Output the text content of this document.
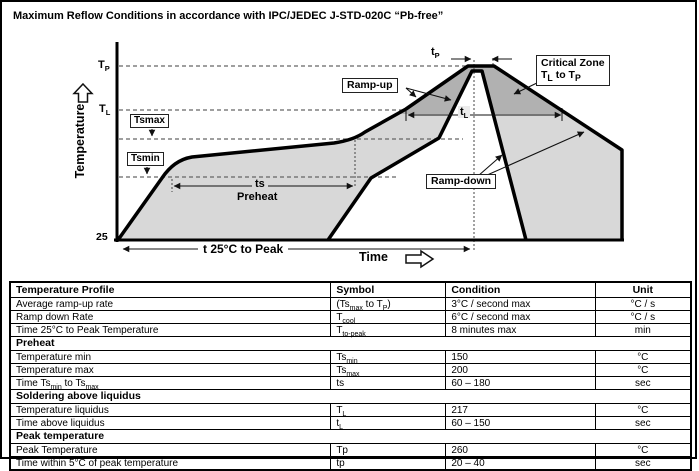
Maximum Reflow Conditions in accordance with IPC/JEDEC J-STD-020C “Pb-free”
Temperature
$T_P$
$T_L$
25
Tsmax
Tsmin
Ramp-up
Ramp-down
Critical Zone
$T_L$ to $T_P$
$t_P$
$t_L$
ts
Preheat
t 25°C to Peak
Time
Temperature Profile	Symbol	Condition	Unit
Average ramp-up rate	($Ts_{max}$ to $T_P$)	3°C / second max	°C / s
Ramp down Rate	$T_{cool}$	6°C / second max	°C / s
Time 25°C to Peak Temperature	$T_{to-peak}$	8 minutes max	min
Preheat			
Temperature min	$Ts_{min}$	150	°C
Temperature max	$Ts_{max}$	200	°C
Time $Ts_{min}$ to $Ts_{max}$	ts	60 – 180	sec
Soldering above liquidus			
Temperature liquidus	$T_L$	217	°C
Time above liquidus	$t_L$	60 – 150	sec
Peak temperature			
Peak Temperature	Tp	260	°C
Time within 5°C of peak temperature	tp	20 – 40	sec
